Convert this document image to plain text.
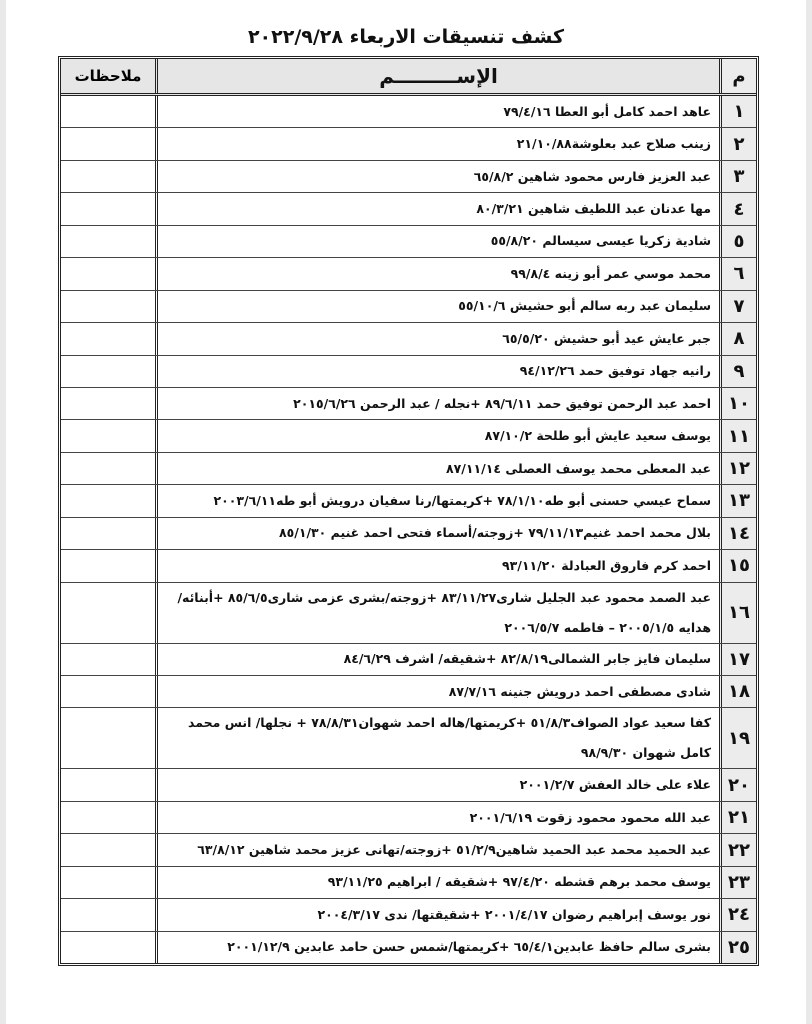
كشف تنسيقات الاربعاء ٢٠٢٢/٩/٢٨
م
الإســـــــــم
ملاحظات
١
عاهد احمد كامل أبو العطا ٧٩/٤/١٦
٢
زينب صلاح عبد بعلوشة٢١/١٠/٨٨
٣
عبد العزيز فارس محمود شاهين ٦٥/٨/٢
٤
مها عدنان عبد اللطيف شاهين ٨٠/٣/٢١
٥
شادية زكريا عيسى سيسالم ٥٥/٨/٢٠
٦
محمد موسي عمر أبو زينه ٩٩/٨/٤
٧
سليمان عبد ربه سالم أبو حشيش ٥٥/١٠/٦
٨
جبر عايش عيد أبو حشيش ٦٥/٥/٢٠
٩
رانيه جهاد توفيق حمد ٩٤/١٢/٢٦
١٠
احمد عبد الرحمن توفيق حمد ٨٩/٦/١١ +نجله / عبد الرحمن ٢٠١٥/٦/٢٦
١١
يوسف سعيد عايش أبو طلحة ٨٧/١٠/٢
١٢
عبد المعطى محمد يوسف العصلى ٨٧/١١/١٤
١٣
سماح عيسي حسنى أبو طه٧٨/١/١٠ +كريمتها/رنا سفيان درويش أبو طه٢٠٠٣/٦/١١
١٤
بلال محمد احمد غنيم٧٩/١١/١٣ +زوجته/أسماء فتحى احمد غنيم ٨٥/١/٣٠
١٥
احمد كرم فاروق العبادلة ٩٣/١١/٢٠
١٦
عبد الصمد محمود عبد الجليل شارى٨٣/١١/٢٧ +زوجته/بشرى عزمى شارى٨٥/٦/٥ +أبنائه/هدايه ٢٠٠٥/١/٥ – فاطمه ٢٠٠٦/٥/٧
١٧
سليمان فايز جابر الشمالى٨٢/٨/١٩ +شقيقه/ اشرف ٨٤/٦/٢٩
١٨
شادى مصطفى احمد درويش جنينه ٨٧/٧/١٦
١٩
كفا سعيد عواد الصواف٥١/٨/٣ +كريمتها/هاله احمد شهوان٧٨/٨/٣١ + نجلها/ انس محمد كامل شهوان ٩٨/٩/٣٠
٢٠
علاء على خالد العفش ٢٠٠١/٢/٧
٢١
عبد الله محمود محمود زقوت ٢٠٠١/٦/١٩
٢٢
عبد الحميد محمد عبد الحميد شاهين٥١/٢/٩ +زوجته/تهانى عزيز محمد شاهين ٦٣/٨/١٢
٢٣
يوسف محمد برهم قشطه ٩٧/٤/٢٠ +شقيقه / ابراهيم ٩٣/١١/٢٥
٢٤
نور يوسف إبراهيم رضوان ٢٠٠١/٤/١٧ +شقيقتها/ ندى ٢٠٠٤/٣/١٧
٢٥
بشرى سالم حافظ عابدين٦٥/٤/١ +كريمتها/شمس حسن حامد عابدين ٢٠٠١/١٢/٩
